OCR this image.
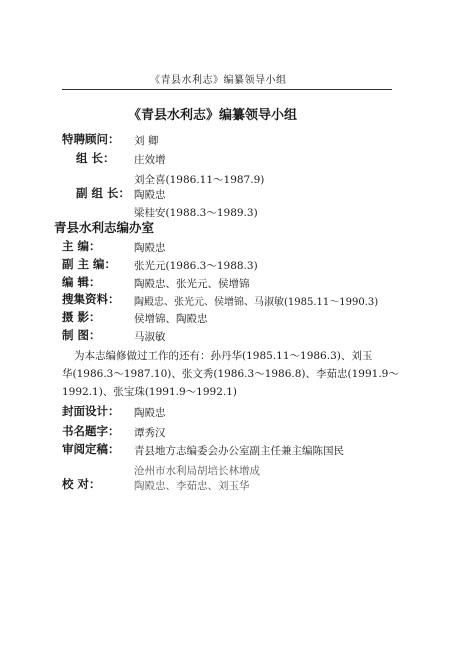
《青县水利志》编纂领导小组
《青县水利志》编纂领导小组
特聘顾问： 刘 卿
组 长： 庄效增
刘全喜(1986.11～1987.9)
副 组 长： 陶殿忠
梁桂安(1988.3～1989.3)
青县水利志编办室
主 编：	陶殿忠
副 主 编： 张光元(1986.3～1988.3)
编 辑：	陶殿忠、张光元、侯增锦
搜集资料： 陶殿忠、张光元、侯增锦、马淑敏(1985.11～1990.3)
摄 影：	侯增锦、陶殿忠
制 图：	马淑敏
为本志编修做过工作的还有：孙丹华(1985.11～1986.3)、刘玉
华(1986.3～1987.10)、张文秀(1986.3～1986.8)、李茹忠(1991.9～
1992.1)、张宝珠(1991.9～1992.1)
封面设计： 陶殿忠
书名题字： 谭秀汉
审阅定稿： 青县地方志编委会办公室副主任兼主编陈国民
沧州市水利局胡培长林增成
校 对：	陶殿忠、李茹忠、刘玉华
